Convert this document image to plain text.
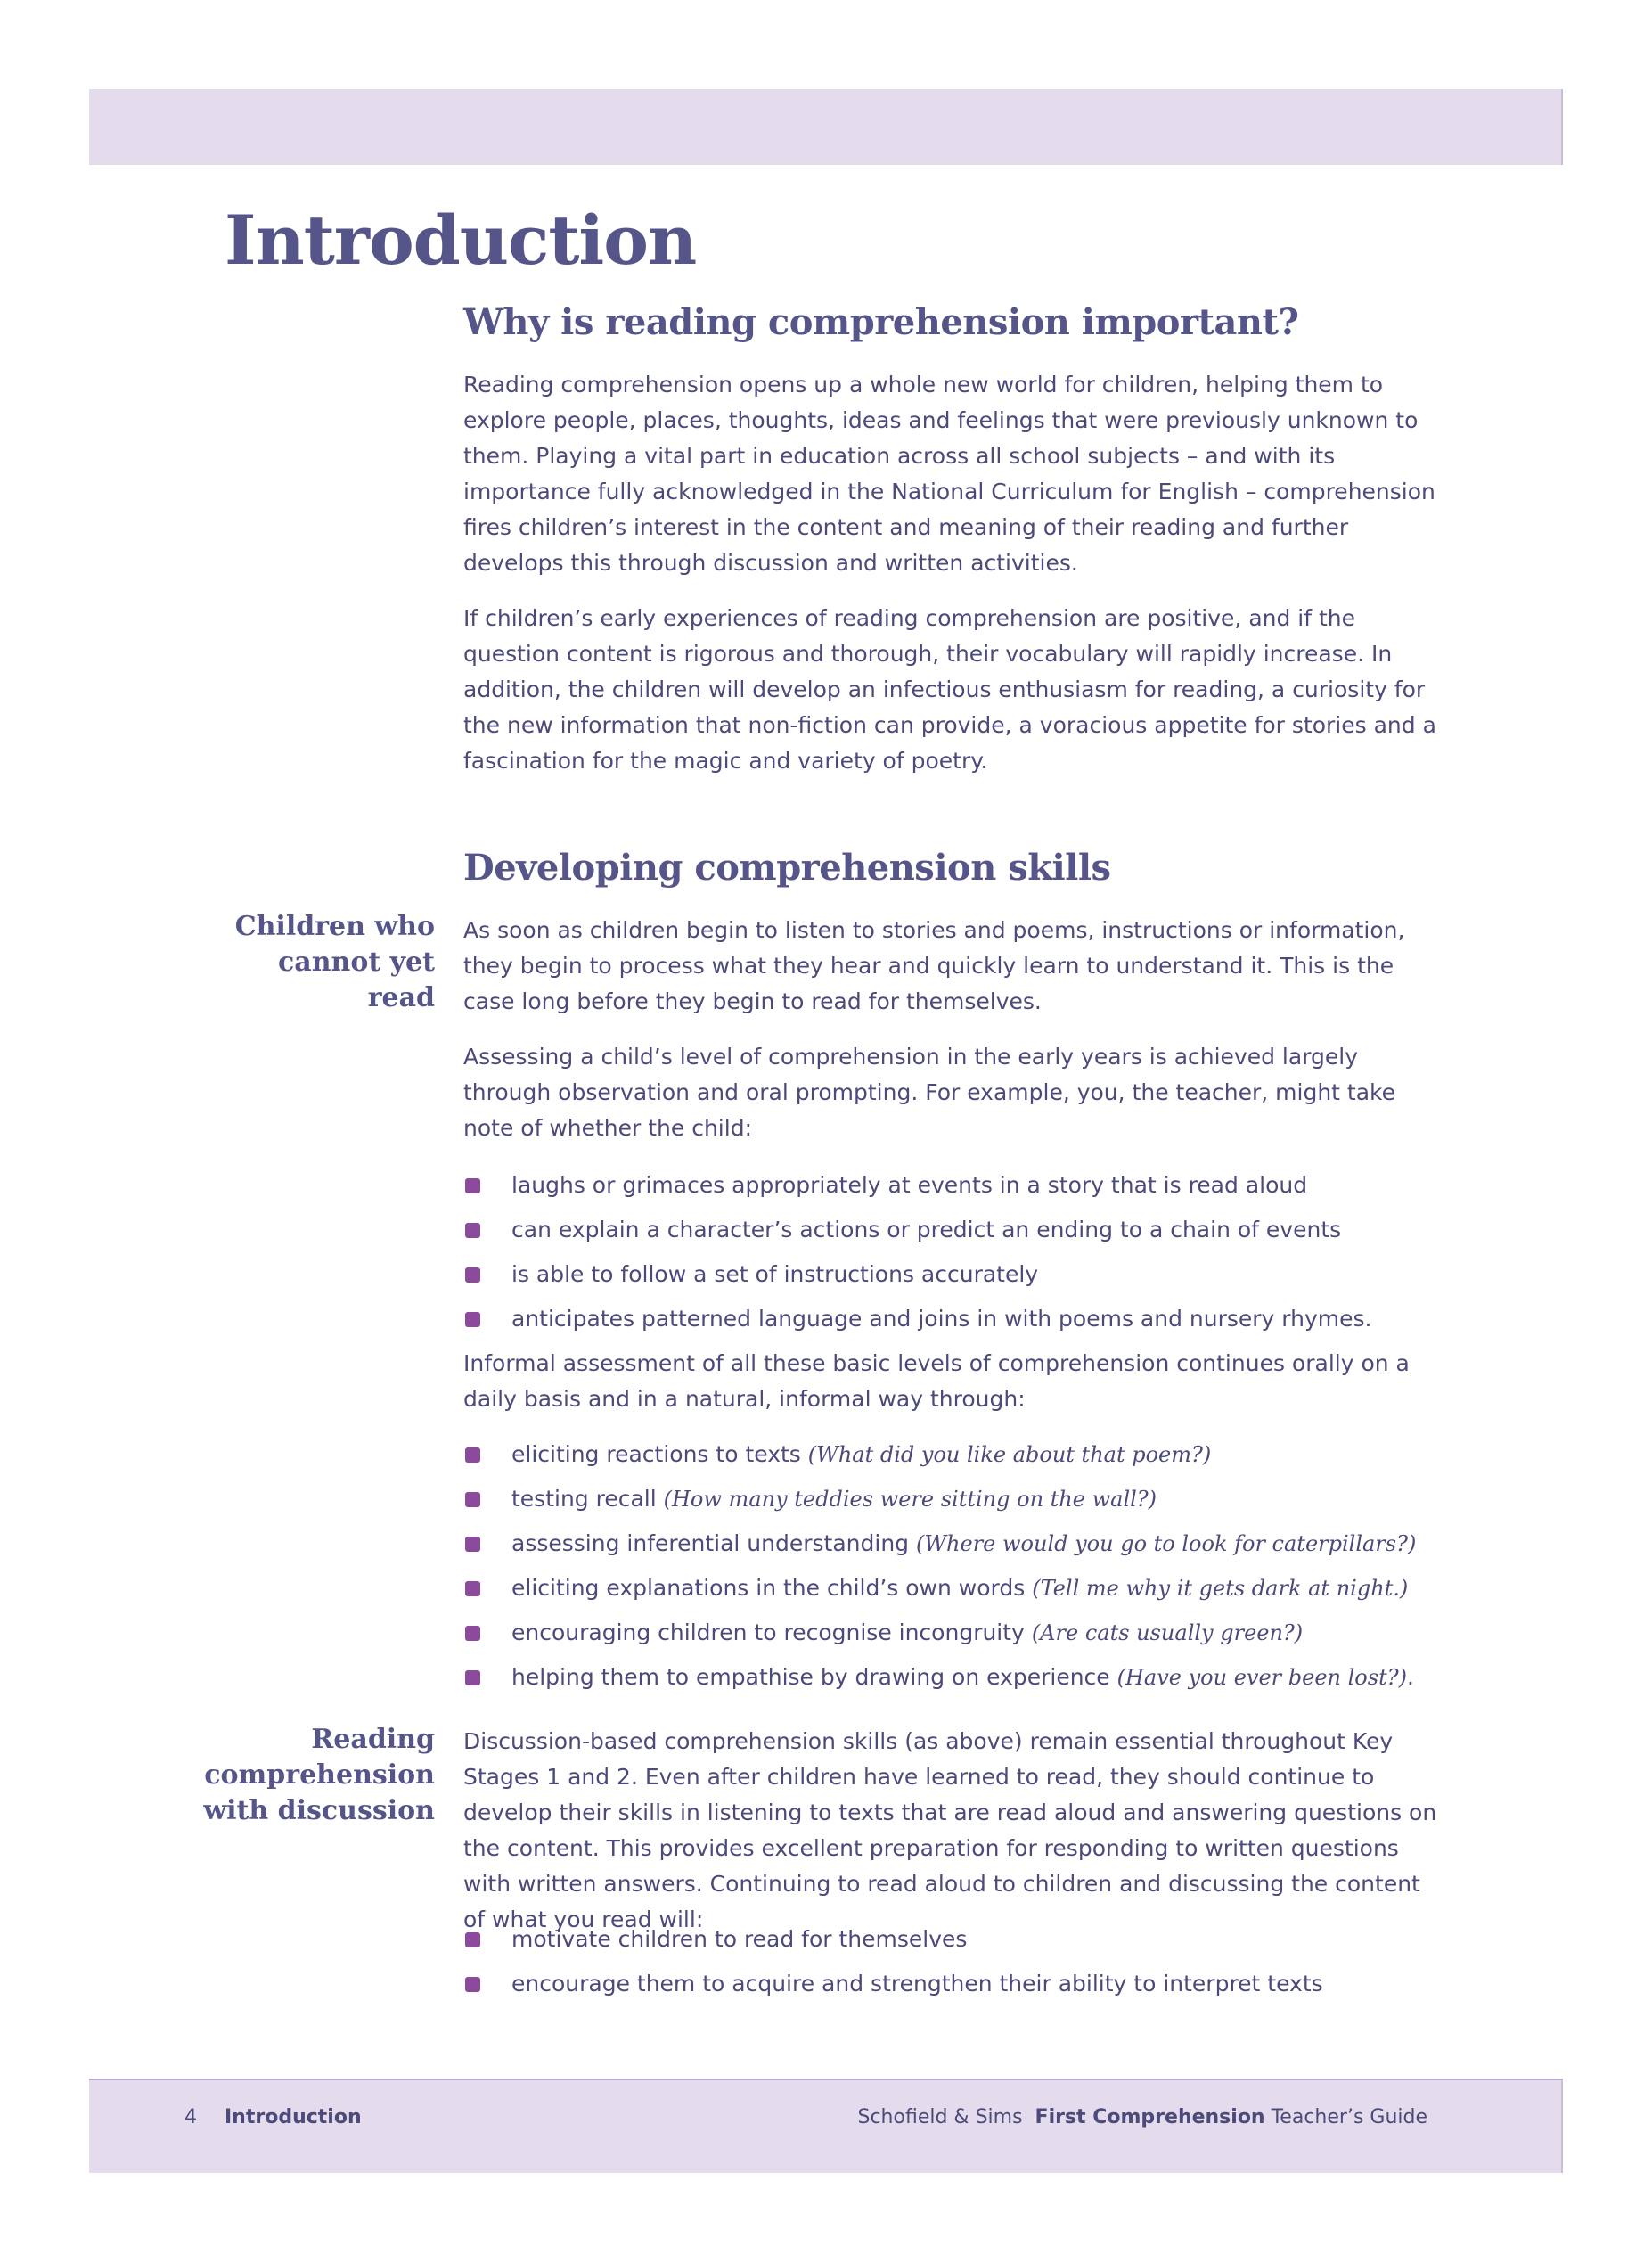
Introduction
Why is reading comprehension important?

Reading comprehension opens up a whole new world for children, helping them to explore people, places, thoughts, ideas and feelings that were previously unknown to them. Playing a vital part in education across all school subjects – and with its importance fully acknowledged in the National Curriculum for English – comprehension fires children’s interest in the content and meaning of their reading and further develops this through discussion and written activities.

If children’s early experiences of reading comprehension are positive, and if the question content is rigorous and thorough, their vocabulary will rapidly increase. In addition, the children will develop an infectious enthusiasm for reading, a curiosity for the new information that non-fiction can provide, a voracious appetite for stories and a fascination for the magic and variety of poetry.

Developing comprehension skills

Children who cannot yet read

As soon as children begin to listen to stories and poems, instructions or information, they begin to process what they hear and quickly learn to understand it. This is the case long before they begin to read for themselves.

Assessing a child’s level of comprehension in the early years is achieved largely through observation and oral prompting. For example, you, the teacher, might take note of whether the child:

laughs or grimaces appropriately at events in a story that is read aloud
can explain a character’s actions or predict an ending to a chain of events
is able to follow a set of instructions accurately
anticipates patterned language and joins in with poems and nursery rhymes.

Informal assessment of all these basic levels of comprehension continues orally on a daily basis and in a natural, informal way through:

eliciting reactions to texts (What did you like about that poem?)
testing recall (How many teddies were sitting on the wall?)
assessing inferential understanding (Where would you go to look for caterpillars?)
eliciting explanations in the child’s own words (Tell me why it gets dark at night.)
encouraging children to recognise incongruity (Are cats usually green?)
helping them to empathise by drawing on experience (Have you ever been lost?).

Reading comprehension with discussion

Discussion-based comprehension skills (as above) remain essential throughout Key Stages 1 and 2. Even after children have learned to read, they should continue to develop their skills in listening to texts that are read aloud and answering questions on the content. This provides excellent preparation for responding to written questions with written answers. Continuing to read aloud to children and discussing the content of what you read will:

motivate children to read for themselves
encourage them to acquire and strengthen their ability to interpret texts

4 Introduction	Schofield & Sims First Comprehension Teacher’s Guide
